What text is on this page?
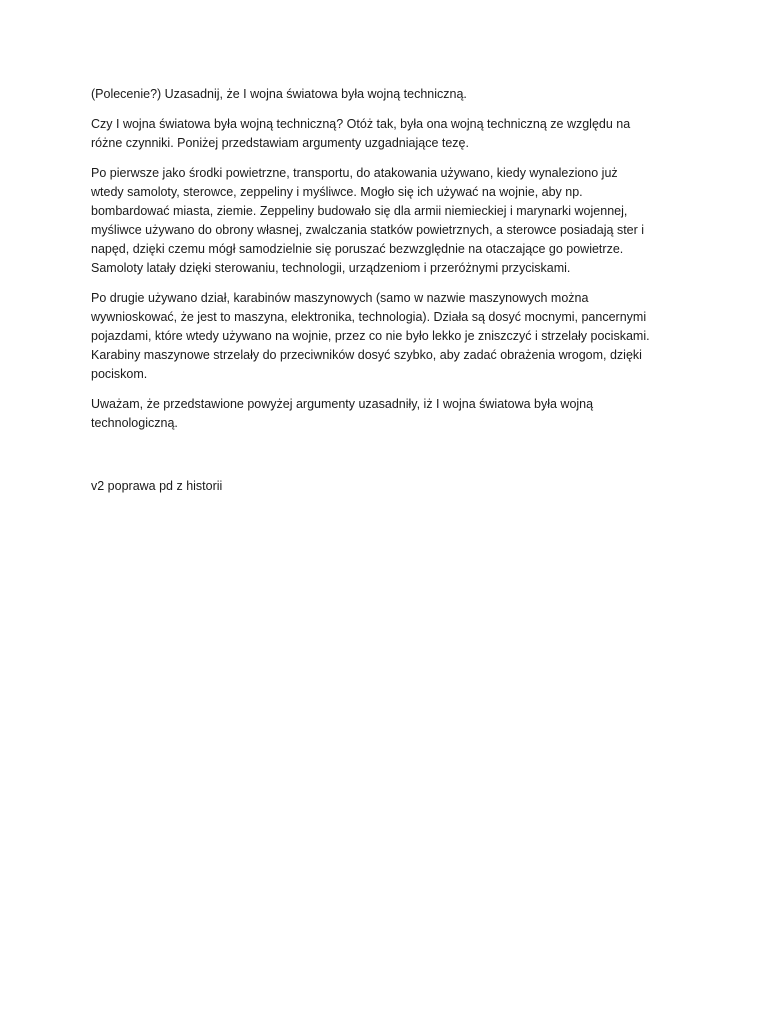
(Polecenie?) Uzasadnij, że I wojna światowa była wojną techniczną.

Czy I wojna światowa była wojną techniczną? Otóż tak, była ona wojną techniczną ze względu na
różne czynniki. Poniżej przedstawiam argumenty uzgadniające tezę.

Po pierwsze jako środki powietrzne, transportu, do atakowania używano, kiedy wynaleziono już
wtedy samoloty, sterowce, zeppeliny i myśliwce. Mogło się ich używać na wojnie, aby np.
bombardować miasta, ziemie. Zeppeliny budowało się dla armii niemieckiej i marynarki wojennej,
myśliwce używano do obrony własnej, zwalczania statków powietrznych, a sterowce posiadają ster i
napęd, dzięki czemu mógł samodzielnie się poruszać bezwzględnie na otaczające go powietrze.
Samoloty latały dzięki sterowaniu, technologii, urządzeniom i przeróżnymi przyciskami.

Po drugie używano dział, karabinów maszynowych (samo w nazwie maszynowych można
wywnioskować, że jest to maszyna, elektronika, technologia). Działa są dosyć mocnymi, pancernymi
pojazdami, które wtedy używano na wojnie, przez co nie było lekko je zniszczyć i strzelały pociskami.
Karabiny maszynowe strzelały do przeciwników dosyć szybko, aby zadać obrażenia wrogom, dzięki
pociskom.

Uważam, że przedstawione powyżej argumenty uzasadniły, iż I wojna światowa była wojną
technologiczną.

v2 poprawa pd z historii
